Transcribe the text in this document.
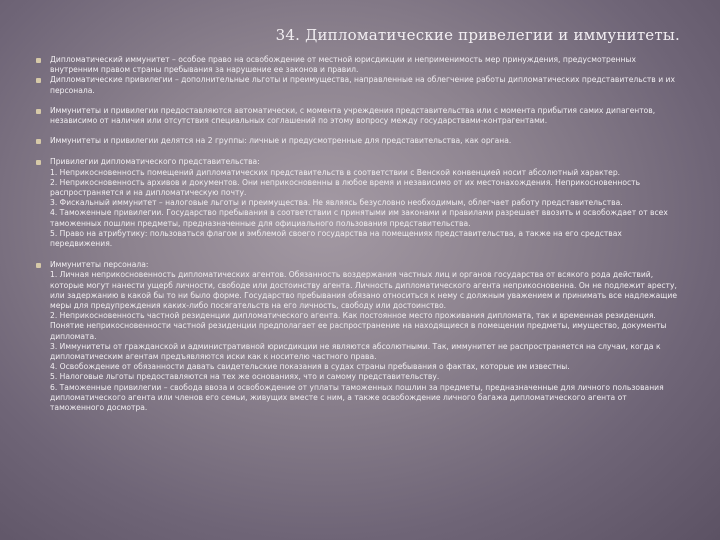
34. Дипломатические привелегии и иммунитеты.

Дипломатический иммунитет – особое право на освобождение от местной юрисдикции и неприменимость мер принуждения, предусмотренных внутренним правом страны пребывания за нарушение ее законов и правил.

Дипломатические привилегии – дополнительные льготы и преимущества, направленные на облегчение работы дипломатических представительств и их персонала.

Иммунитеты и привилегии предоставляются автоматически, с момента учреждения представительства или с момента прибытия самих дипагентов, независимо от наличия или отсутствия специальных соглашений по этому вопросу между государствами-контрагентами.

Иммунитеты и привилегии делятся на 2 группы: личные и предусмотренные для представительства, как органа.

Привилегии дипломатического представительства:

1. Неприкосновенность помещений дипломатических представительств в соответствии с Венской конвенцией носит абсолютный характер.

2. Неприкосновенность архивов и документов. Они неприкосновенны в любое время и независимо от их местонахождения. Неприкосновенность распространяется и на дипломатическую почту.

3. Фискальный иммунитет – налоговые льготы и преимущества. Не являясь безусловно необходимым, облегчает работу представительства.

4. Таможенные привилегии. Государство пребывания в соответствии с принятыми им законами и правилами разрешает ввозить и освобождает от всех таможенных пошлин предметы, предназначенные для официального пользования представительства.

5. Право на атрибутику: пользоваться флагом и эмблемой своего государства на помещениях представительства, а также на его средствах передвижения.

Иммунитеты персонала:

1. Личная неприкосновенность дипломатических агентов. Обязанность воздержания частных лиц и органов государства от всякого рода действий, которые могут нанести ущерб личности, свободе или достоинству агента. Личность дипломатического агента неприкосновенна. Он не подлежит аресту, или задержанию в какой бы то ни было форме. Государство пребывания обязано относиться к нему с должным уважением и принимать все надлежащие меры для предупреждения каких-либо посягательств на его личность, свободу или достоинство.

2. Неприкосновенность частной резиденции дипломатического агента. Как постоянное место проживания дипломата, так и временная резиденция. Понятие неприкосновенности частной резиденции предполагает ее распространение на находящиеся в помещении предметы, имущество, документы дипломата.

3. Иммунитеты от гражданской и административной юрисдикции не являются абсолютными. Так, иммунитет не распространяется на случаи, когда к дипломатическим агентам предъявляются иски как к носителю частного права.

4. Освобождение от обязанности давать свидетельские показания в судах страны пребывания о фактах, которые им известны.

5. Налоговые льготы предоставляются на тех же основаниях, что и самому представительству.

6. Таможенные привилегии – свобода ввоза и освобождение от уплаты таможенных пошлин за предметы, предназначенные для личного пользования дипломатического агента или членов его семьи, живущих вместе с ним, а также освобождение личного багажа дипломатического агента от таможенного досмотра.
